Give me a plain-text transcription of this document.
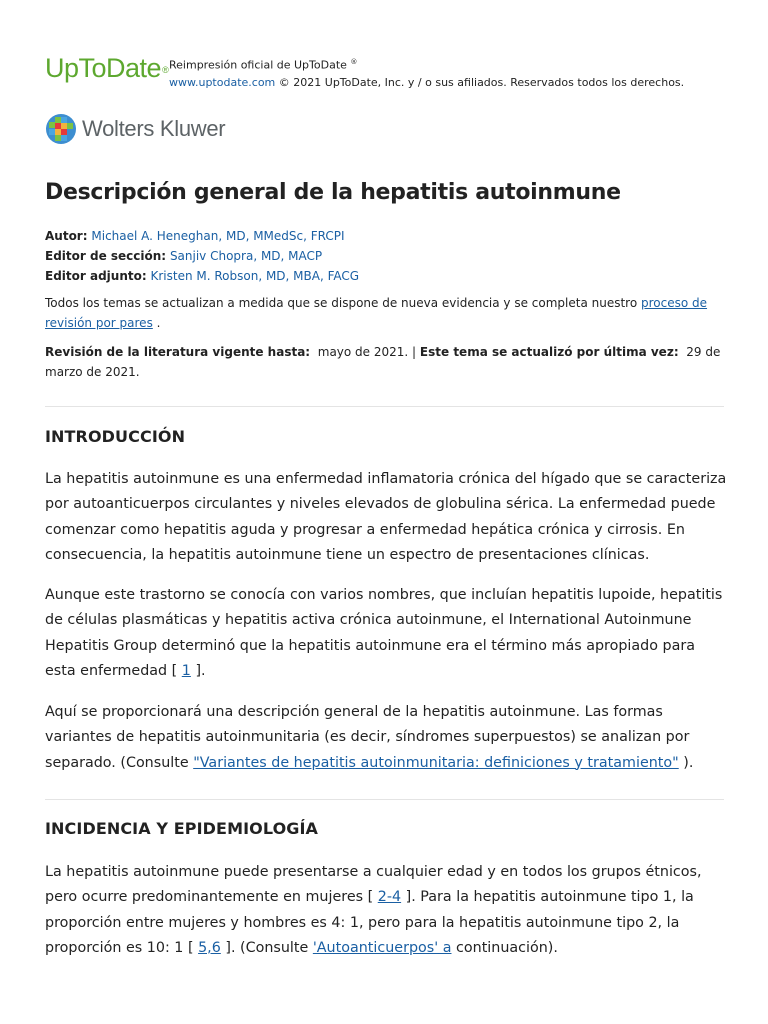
UpToDate® Reimpresión oficial de UpToDate ®
www.uptodate.com © 2021 UpToDate, Inc. y / o sus afiliados. Reservados todos los derechos.
Wolters Kluwer
Descripción general de la hepatitis autoinmune
Autor: Michael A. Heneghan, MD, MMedSc, FRCPI
Editor de sección: Sanjiv Chopra, MD, MACP
Editor adjunto: Kristen M. Robson, MD, MBA, FACG
Todos los temas se actualizan a medida que se dispone de nueva evidencia y se completa nuestro proceso de revisión por pares .
Revisión de la literatura vigente hasta: mayo de 2021. | Este tema se actualizó por última vez: 29 de marzo de 2021.
INTRODUCCIÓN

La hepatitis autoinmune es una enfermedad inflamatoria crónica del hígado que se caracteriza por autoanticuerpos circulantes y niveles elevados de globulina sérica. La enfermedad puede comenzar como hepatitis aguda y progresar a enfermedad hepática crónica y cirrosis. En consecuencia, la hepatitis autoinmune tiene un espectro de presentaciones clínicas.

Aunque este trastorno se conocía con varios nombres, que incluían hepatitis lupoide, hepatitis de células plasmáticas y hepatitis activa crónica autoinmune, el International Autoinmune Hepatitis Group determinó que la hepatitis autoinmune era el término más apropiado para esta enfermedad [ 1 ].

Aquí se proporcionará una descripción general de la hepatitis autoinmune. Las formas variantes de hepatitis autoinmunitaria (es decir, síndromes superpuestos) se analizan por separado. (Consulte "Variantes de hepatitis autoinmunitaria: definiciones y tratamiento" ).

INCIDENCIA Y EPIDEMIOLOGÍA

La hepatitis autoinmune puede presentarse a cualquier edad y en todos los grupos étnicos, pero ocurre predominantemente en mujeres [ 2-4 ]. Para la hepatitis autoinmune tipo 1, la proporción entre mujeres y hombres es 4: 1, pero para la hepatitis autoinmune tipo 2, la proporción es 10: 1 [ 5,6 ]. (Consulte 'Autoanticuerpos' a continuación).
